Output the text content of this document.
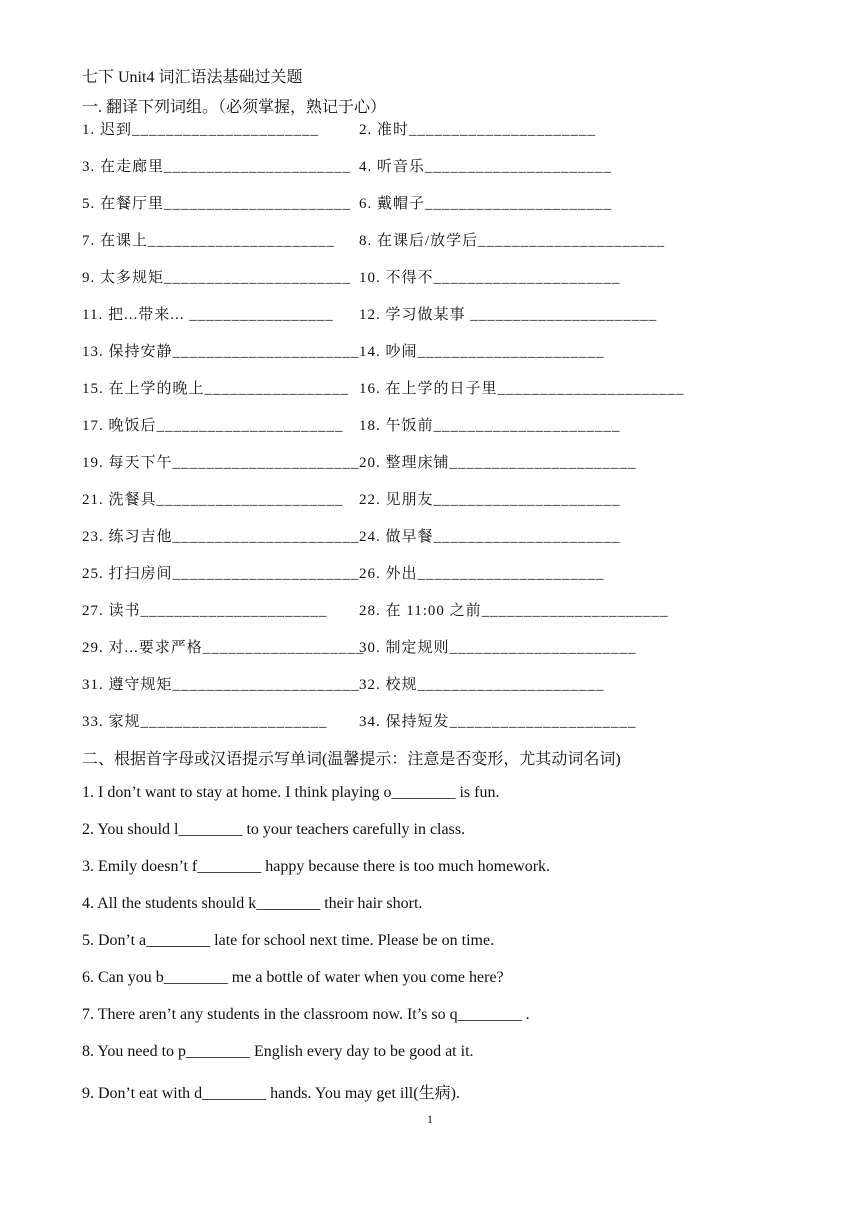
七下 Unit4 词汇语法基础过关题
一. 翻译下列词组。（必须掌握，熟记于心）
1. 迟到______________________	2. 准时______________________
3. 在走廊里______________________ 4. 听音乐______________________
5. 在餐厅里______________________ 6. 戴帽子______________________
7. 在课上______________________ 8. 在课后/放学后______________________
9. 太多规矩______________________ 10. 不得不______________________
11. 把...带来... _________________ 12. 学习做某事 ______________________
13. 保持安静______________________ 14. 吵闹______________________
15. 在上学的晚上_________________ 16. 在上学的日子里______________________
17. 晚饭后______________________ 18. 午饭前______________________
19. 每天下午______________________ 20. 整理床铺______________________
21. 洗餐具______________________ 22. 见朋友______________________
23. 练习吉他______________________ 24. 做早餐______________________
25. 打扫房间______________________ 26. 外出______________________
27. 读书______________________ 28. 在 11:00 之前______________________
29. 对...要求严格___________________
30. 制定规则______________________
31. 遵守规矩______________________ 32. 校规______________________
33. 家规______________________ 34. 保持短发______________________
二、根据首字母或汉语提示写单词(温馨提示：注意是否变形，尤其动词名词)
1. I don’t want to stay at home. I think playing o________ is fun.
2. You should l________ to your teachers carefully in class.
3. Emily doesn’t f________ happy because there is too much homework.
4. All the students should k________ their hair short.
5. Don’t a________ late for school next time. Please be on time.
6. Can you b________ me a bottle of water when you come here?
7. There aren’t any students in the classroom now. It’s so q________ .
8. You need to p________ English every day to be good at it.
9. Don’t eat with d________ hands. You may get ill(生病).
1
